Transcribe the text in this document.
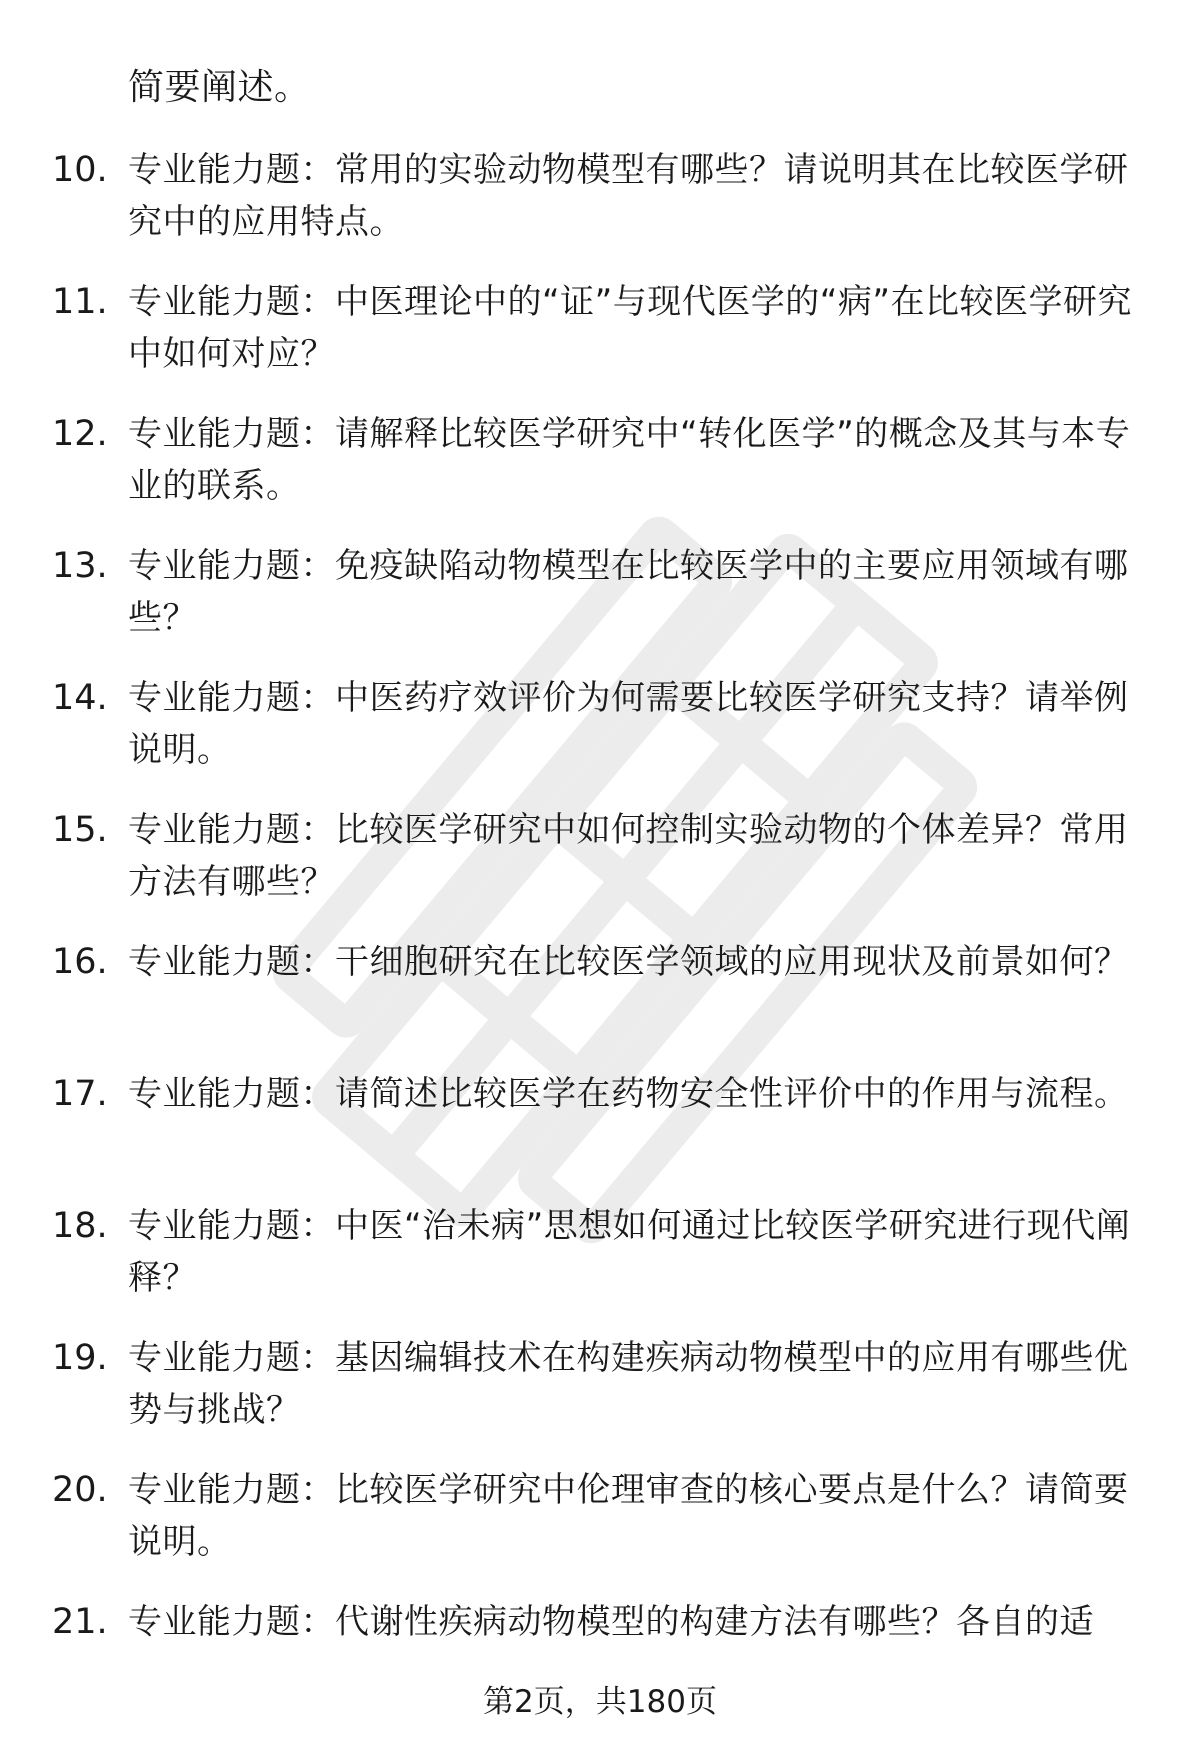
简要阐述。
10. 专业能力题：常用的实验动物模型有哪些？请说明其在比较医学研究中的应用特点。
11. 专业能力题：中医理论中的“证”与现代医学的“病”在比较医学研究中如何对应？
12. 专业能力题：请解释比较医学研究中“转化医学”的概念及其与本专业的联系。
13. 专业能力题：免疫缺陷动物模型在比较医学中的主要应用领域有哪些？
14. 专业能力题：中医药疗效评价为何需要比较医学研究支持？请举例说明。
15. 专业能力题：比较医学研究中如何控制实验动物的个体差异？常用方法有哪些？
16. 专业能力题：干细胞研究在比较医学领域的应用现状及前景如何？
17. 专业能力题：请简述比较医学在药物安全性评价中的作用与流程。
18. 专业能力题：中医“治未病”思想如何通过比较医学研究进行现代阐释？
19. 专业能力题：基因编辑技术在构建疾病动物模型中的应用有哪些优势与挑战？
20. 专业能力题：比较医学研究中伦理审查的核心要点是什么？请简要说明。
21. 专业能力题：代谢性疾病动物模型的构建方法有哪些？各自的适
第2页，共180页
